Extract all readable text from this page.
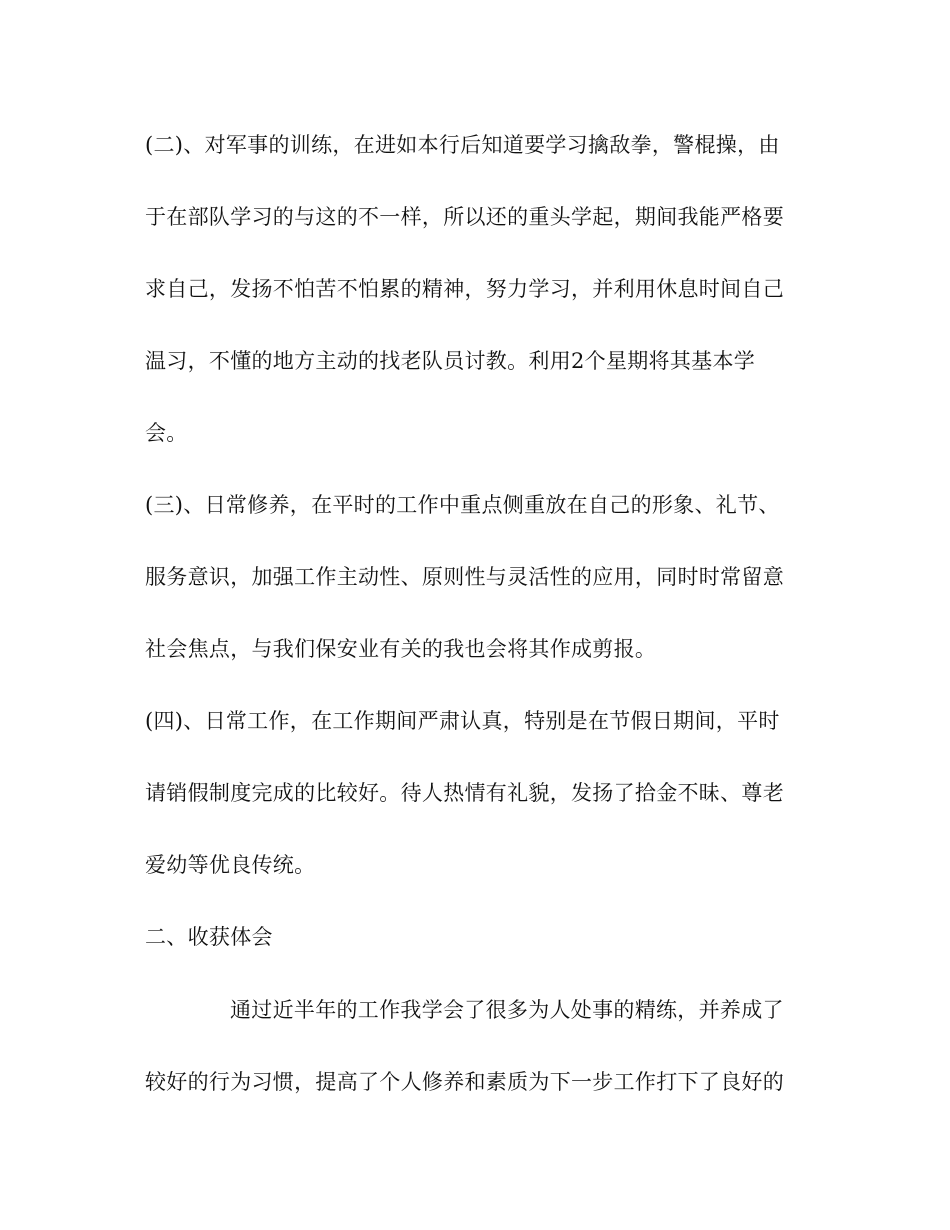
(二)、对军事的训练，在进如本行后知道要学习擒敌拳，警棍操，由
于在部队学习的与这的不一样，所以还的重头学起，期间我能严格要
求自己，发扬不怕苦不怕累的精神，努力学习，并利用休息时间自己
温习，不懂的地方主动的找老队员讨教。利用2个星期将其基本学
会。
(三)、日常修养，在平时的工作中重点侧重放在自己的形象、礼节、
服务意识，加强工作主动性、原则性与灵活性的应用，同时时常留意
社会焦点，与我们保安业有关的我也会将其作成剪报。
(四)、日常工作，在工作期间严肃认真，特别是在节假日期间，平时
请销假制度完成的比较好。待人热情有礼貌，发扬了拾金不昧、尊老
爱幼等优良传统。
二、收获体会
通过近半年的工作我学会了很多为人处事的精练，并养成了
较好的行为习惯，提高了个人修养和素质为下一步工作打下了良好的
